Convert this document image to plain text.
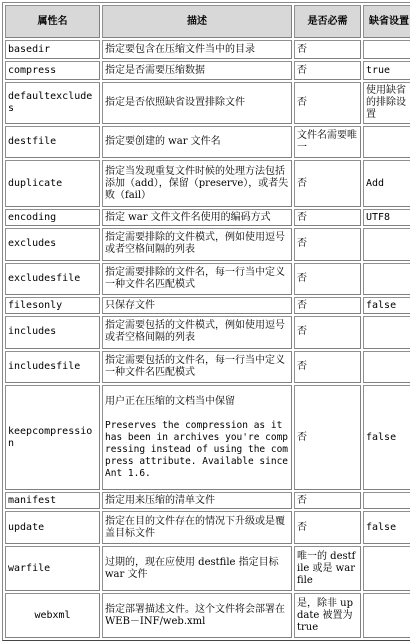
属性名	描述	是否必需	缺省设置
basedir	指定要包含在压缩文件当中的目录	否	
compress	指定是否需要压缩数据	否	true
defaultexcludes	指定是否依照缺省设置排除文件	否	使用缺省的排除设置
destfile	指定要创建的 war 文件名	文件名需要唯一	
duplicate	指定当发现重复文件时候的处理方法包括添加（add），保留（preserve），或者失败（fail）	否	Add
encoding	指定 war 文件文件名使用的编码方式	否	UTF8
excludes	指定需要排除的文件模式，例如使用逗号或者空格间隔的列表	否	
excludesfile	指定需要排除的文件名，每一行当中定义一种文件名匹配模式	否	
filesonly	只保存文件	否	false
includes	指定需要包括的文件模式，例如使用逗号或者空格间隔的列表	否	
includesfile	指定需要包括的文件名，每一行当中定义一种文件名匹配模式	否	
keepcompression	用户正在压缩的文档当中保留
Preserves the compression as it has been in archives you're compressing instead of using the compress attribute. Available since Ant 1.6.	否	false
manifest	指定用来压缩的清单文件	否	
update	指定在目的文件存在的情况下升级或是覆盖目标文件	否	false
warfile	过期的，现在应使用 destfile 指定目标 war 文件	唯一的 destfile 或是 warfile	
webxml	指定部署描述文件。这个文件将会部署在 WEB－INF/web.xml	是，除非 update 被置为 true	
